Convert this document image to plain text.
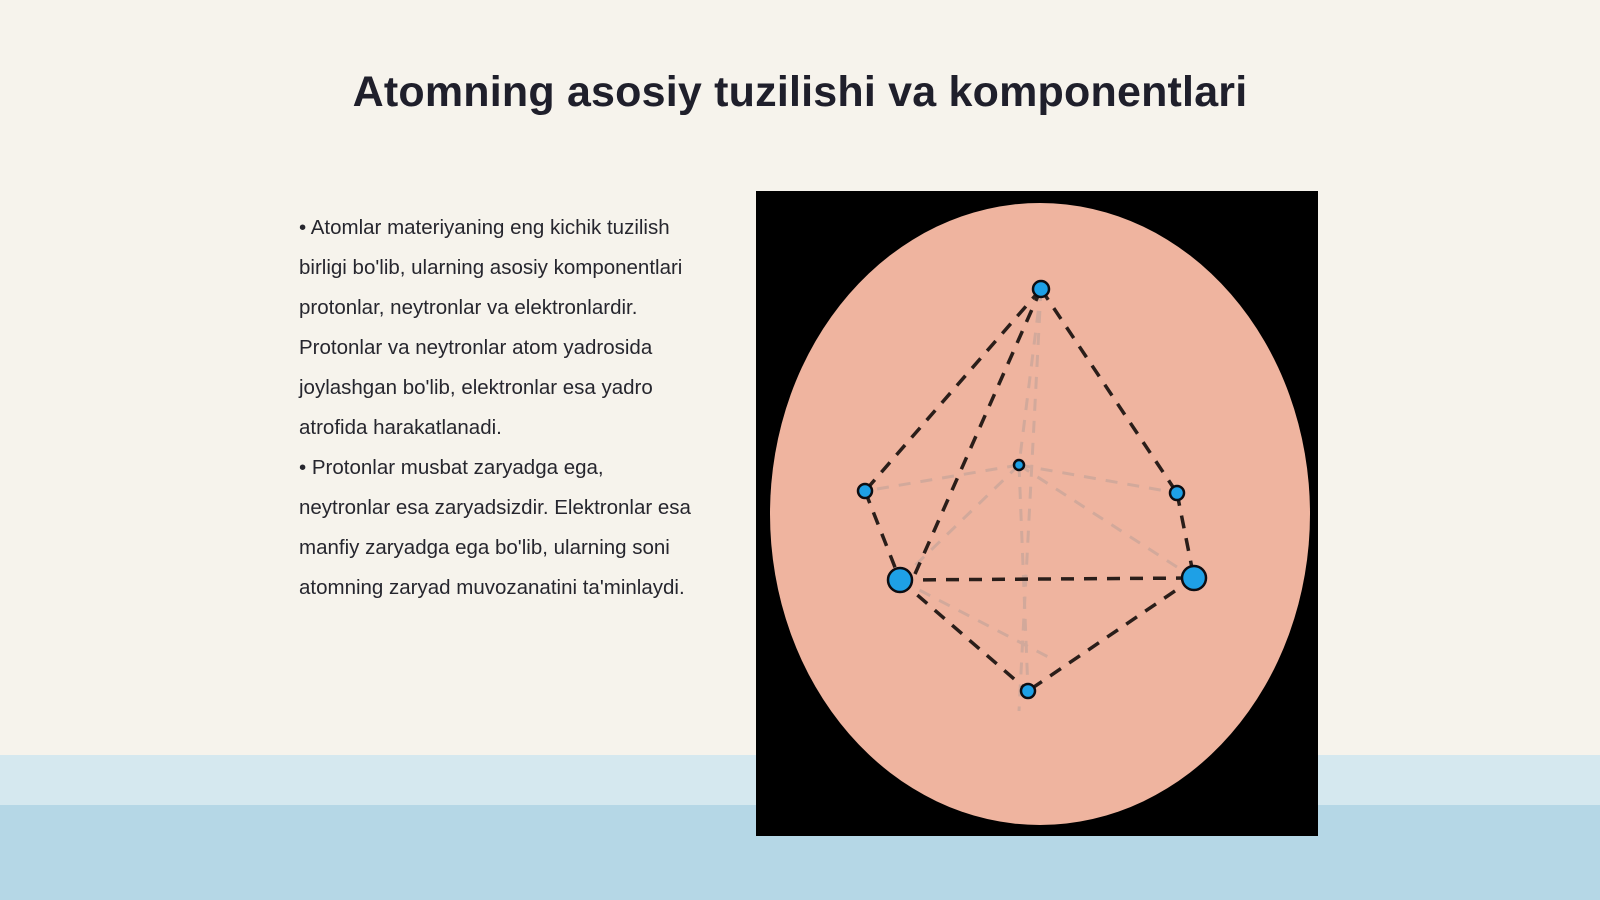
Atomning asosiy tuzilishi va komponentlari

• Atomlar materiyaning eng kichik tuzilish birligi bo'lib, ularning asosiy komponentlari protonlar, neytronlar va elektronlardir. Protonlar va neytronlar atom yadrosida joylashgan bo'lib, elektronlar esa yadro atrofida harakatlanadi.

• Protonlar musbat zaryadga ega, neytronlar esa zaryadsizdir. Elektronlar esa manfiy zaryadga ega bo'lib, ularning soni atomning zaryad muvozanatini ta'minlaydi.
